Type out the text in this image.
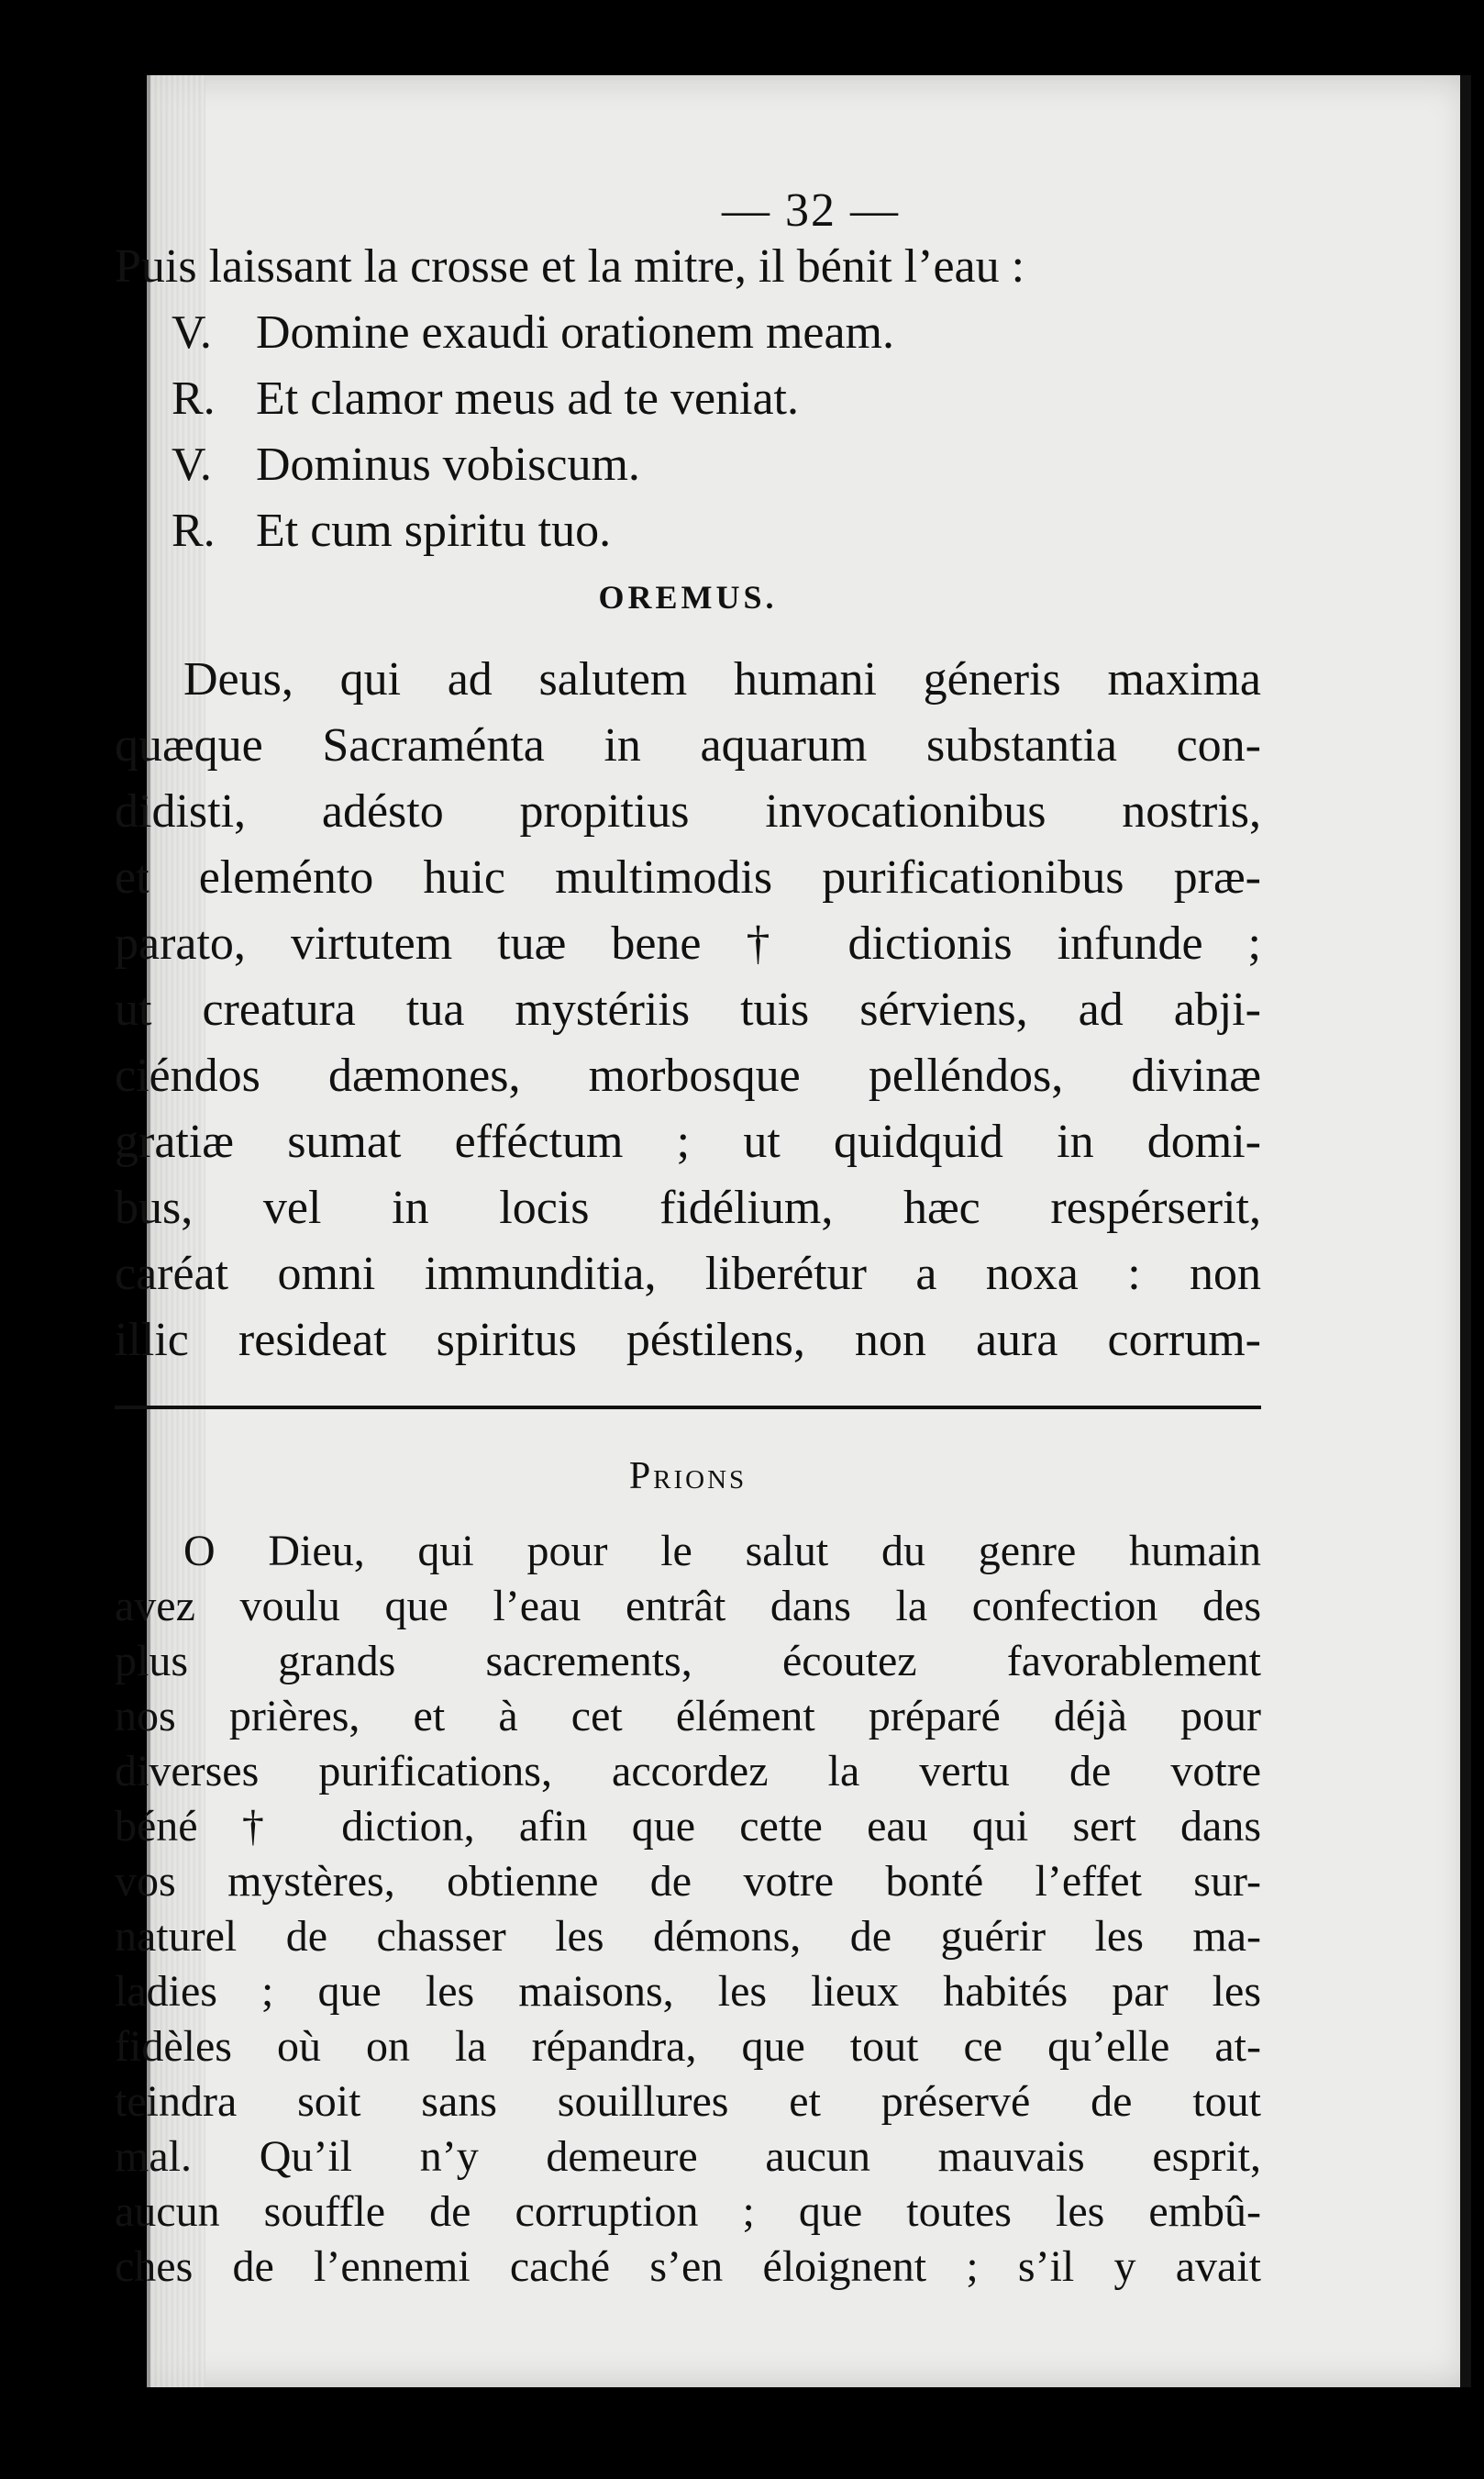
— 32 —
Puis laissant la crosse et la mitre, il bénit l’eau :
V. Domine exaudi orationem meam.
R. Et clamor meus ad te veniat.
V. Dominus vobiscum.
R. Et cum spiritu tuo.
OREMUS.
Deus, qui ad salutem humani géneris maxima
quæque Sacraménta in aquarum substantia con-
didisti, adésto propitius invocationibus nostris,
et eleménto huic multimodis purificationibus præ-
parato, virtutem tuæ bene † dictionis infunde ;
ut creatura tua mystériis tuis sérviens, ad abji-
ciéndos dæmones, morbosque pelléndos, divinæ
gratiæ sumat efféctum ; ut quidquid in domi-
bus, vel in locis fidélium, hæc respérserit,
caréat omni immunditia, liberétur a noxa : non
illic resideat spiritus péstilens, non aura corrum-
Prions
O Dieu, qui pour le salut du genre humain
avez voulu que l’eau entrât dans la confection des
plus grands sacrements, écoutez favorablement
nos prières, et à cet élément préparé déjà pour
diverses purifications, accordez la vertu de votre
béné † diction, afin que cette eau qui sert dans
vos mystères, obtienne de votre bonté l’effet sur-
naturel de chasser les démons, de guérir les ma-
ladies ; que les maisons, les lieux habités par les
fidèles où on la répandra, que tout ce qu’elle at-
teindra soit sans souillures et préservé de tout
mal. Qu’il n’y demeure aucun mauvais esprit,
aucun souffle de corruption ; que toutes les embû-
ches de l’ennemi caché s’en éloignent ; s’il y avait
